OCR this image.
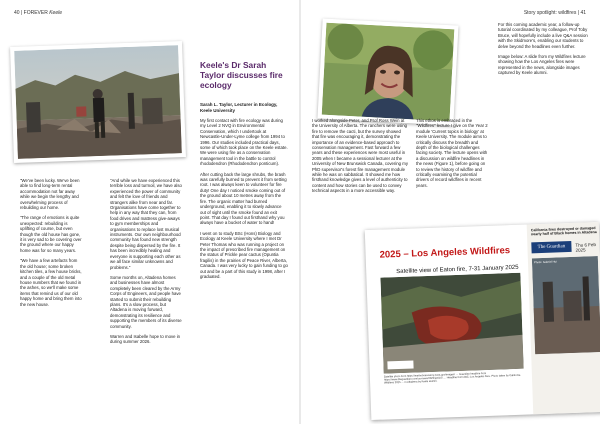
40 | FOREVER Keele	Story spotlight: wildfires | 41

"We've been lucky. We've been able to find long-term rental accommodation not far away while we begin the lengthy and overwhelming process of rebuilding our home.

"The range of emotions is quite unexpected: rebuilding is uplifting of course, but even though the old house has gone, it is very sad to be covering over the ground where our happy home was for so many years.

"We have a few artefacts from the old house; some broken kitchen tiles, a few house bricks, and a couple of the old metal house numbers that we found in the ashes, so we'll make some items that remind us of our old happy home and bring them into the new house.

"And while we have experienced this terrible loss and turmoil, we have also experienced the power of community and felt the love of friends and strangers alike from near and far. Organisations have come together to help in any way that they can, from food drives and mattress give-aways to gym memberships and organisations to replace lost musical instruments. Our own neighbourhood community has found new strength despite being dispersed by the fire. It has been incredibly healing and everyone is supporting each other as we all face similar unknowns and problems."

Some months on, Altadena homes and businesses have almost completely been cleared by the Army Corps of Engineers, and people have started to submit their rebuilding plans. It's a slow process, but Altadena is moving forward, demonstrating its resilience and supporting the members of its diverse community.

Warren and Isabelle hope to move in during summer 2026.

Keele's Dr Sarah Taylor discusses fire ecology
Sarah L. Taylor, Lecturer in Ecology, Keele University

My first contact with fire ecology was during my Level 2 NVQ in Environmental Conservation, which I undertook at Newcastle-Under-Lyme college from 1994 to 1996. Our studies included practical days, some of which took place on the Keele estate. We were using fire as a conservation management tool in the battle to control rhododendron (Rhododendron ponticum).

After cutting back the large shrubs, the brash was carefully burned to prevent it from setting root. I was always keen to volunteer for fire duty! One day I noticed smoke coming out of the ground about 10 metres away from the fire. The organic matter had burned underground, enabling it to slowly advance out of sight until the smoke found an exit point. That day I found out firsthand why you always have a bucket of water to hand!

I went on to study BSc (Hons) Biology and Ecology at Keele University where I met Dr Peter Thomas who was running a project on the impact of prescribed fire management on the status of Prickle pear cactus (Opuntia fragilis) in the prairies of Peace River, Alberta, Canada. I was very lucky to gain funding to go out and be a part of this study in 1998, after I graduated.

I worked alongside Peter, and Prof Ross Wein at the University of Alberta. The ranchers were using fire to remove the cacti, but the survey showed that fire was encouraging it, demonstrating the importance of an evidence-based approach to conservation management. Fast forward a few years and these experiences were most useful in 2005 when I became a sessional lecturer at the University of New Brunswick Canada, covering my PhD supervisor's forest fire management module while he was on sabbatical. It showed me how firsthand knowledge gives a level of authenticity to content and how stories can be used to convey technical aspects in a more accessible way.

This ethos is embraced in the "Wildfires" lecture I give on the Year 2 module 'Current topics in biology' at Keele University. The module aims to critically discuss the breadth and depth of the biological challenges facing society. The lecture opens with a discussion on wildfire headlines in the news (Figure 1), before going on to review the history of wildfire and critically examining the potential drivers of record wildfires in recent years.

For this coming academic year, a follow-up tutorial coordinated by my colleague, Prof Toby Bruce, will hopefully include a live Q&A session with the Skidmore's, enabling our students to delve beyond the headlines even further.

Image below: A slide from my Wildfires lecture showing how the Los Angeles fires were represented in the news, alongside images captured by Keele alumni.

2025 – Los Angeles Wildfires
Satellite view of Eaton fire, 7-31 January 2025
Satellite photo from https://earthobservatory.nasa.gov/images/ … Guardian headline from https://www.theguardian.com/us-news/2025/jan/10/ … Headline from ABC: Los Angeles fires. Photo taken by California Wildfires 2025 … in Altadena by Keele alumni.
California fires destroyed or damaged nearly half of Black homes in Altadena
The Guardian	Thu 6 Feb 2025
Photo: Gabriel Hui
